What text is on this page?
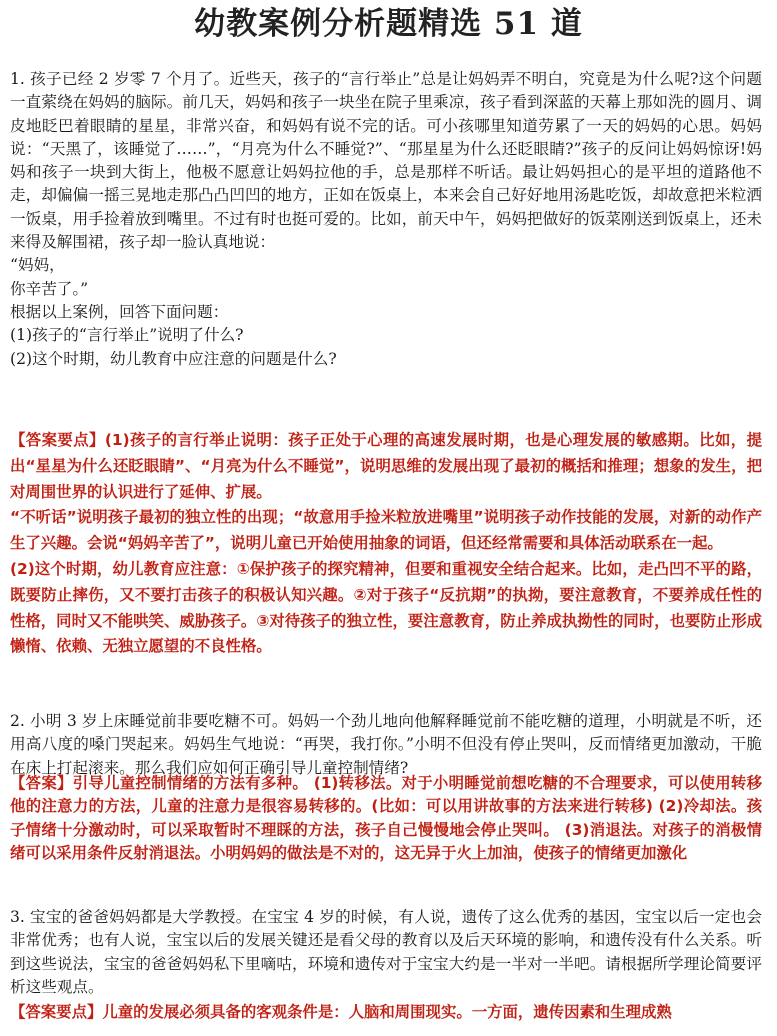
幼教案例分析题精选 51 道

1. 孩子已经 2 岁零 7 个月了。近些天，孩子的“言行举止”总是让妈妈弄不明白，究竟是为什么呢?这个问题一直萦绕在妈妈的脑际。前几天，妈妈和孩子一块坐在院子里乘凉，孩子看到深蓝的天幕上那如洗的圆月、调皮地眨巴着眼睛的星星，非常兴奋，和妈妈有说不完的话。可小孩哪里知道劳累了一天的妈妈的心思。妈妈说：“天黑了，该睡觉了……”，“月亮为什么不睡觉?”、“那星星为什么还眨眼睛?”孩子的反问让妈妈惊讶!妈妈和孩子一块到大街上，他极不愿意让妈妈拉他的手，总是那样不听话。最让妈妈担心的是平坦的道路他不走，却偏偏一摇三晃地走那凸凸凹凹的地方，正如在饭桌上，本来会自己好好地用汤匙吃饭，却故意把米粒洒一饭桌，用手捡着放到嘴里。不过有时也挺可爱的。比如，前天中午，妈妈把做好的饭菜刚送到饭桌上，还未来得及解围裙，孩子却一脸认真地说：

“妈妈，

你辛苦了。”

根据以上案例，回答下面问题：

(1)孩子的“言行举止”说明了什么?

(2)这个时期，幼儿教育中应注意的问题是什么?

【答案要点】(1)孩子的言行举止说明：孩子正处于心理的高速发展时期，也是心理发展的敏感期。比如，提出“星星为什么还眨眼睛”、“月亮为什么不睡觉”，说明思维的发展出现了最初的概括和推理；想象的发生，把对周围世界的认识进行了延伸、扩展。

“不听话”说明孩子最初的独立性的出现；“故意用手捡米粒放进嘴里”说明孩子动作技能的发展，对新的动作产生了兴趣。会说“妈妈辛苦了”，说明儿童已开始使用抽象的词语，但还经常需要和具体活动联系在一起。

(2)这个时期，幼儿教育应注意：①保护孩子的探究精神，但要和重视安全结合起来。比如，走凸凹不平的路，既要防止摔伤，又不要打击孩子的积极认知兴趣。②对于孩子“反抗期”的执拗，要注意教育，不要养成任性的性格，同时又不能哄笑、威胁孩子。③对待孩子的独立性，要注意教育，防止养成执拗性的同时，也要防止形成懒惰、依赖、无独立愿望的不良性格。

2. 小明 3 岁上床睡觉前非要吃糖不可。妈妈一个劲儿地向他解释睡觉前不能吃糖的道理，小明就是不听，还用高八度的嗓门哭起来。妈妈生气地说：“再哭，我打你。”小明不但没有停止哭叫，反而情绪更加激动，干脆在床上打起滚来。那么我们应如何正确引导儿童控制情绪?

【答案】引导儿童控制情绪的方法有多种。 (1)转移法。对于小明睡觉前想吃糖的不合理要求，可以使用转移他的注意力的方法，儿童的注意力是很容易转移的。(比如：可以用讲故事的方法来进行转移) (2)冷却法。孩子情绪十分激动时，可以采取暂时不理睬的方法，孩子自己慢慢地会停止哭叫。 (3)消退法。对孩子的消极情绪可以采用条件反射消退法。小明妈妈的做法是不对的，这无异于火上加油，使孩子的情绪更加激化

3. 宝宝的爸爸妈妈都是大学教授。在宝宝 4 岁的时候，有人说，遗传了这么优秀的基因，宝宝以后一定也会非常优秀；也有人说，宝宝以后的发展关键还是看父母的教育以及后天环境的影响，和遗传没有什么关系。听到这些说法，宝宝的爸爸妈妈私下里嘀咕，环境和遗传对于宝宝大约是一半对一半吧。请根据所学理论简要评析这些观点。

【答案要点】儿童的发展必须具备的客观条件是：人脑和周围现实。一方面，遗传因素和生理成熟
